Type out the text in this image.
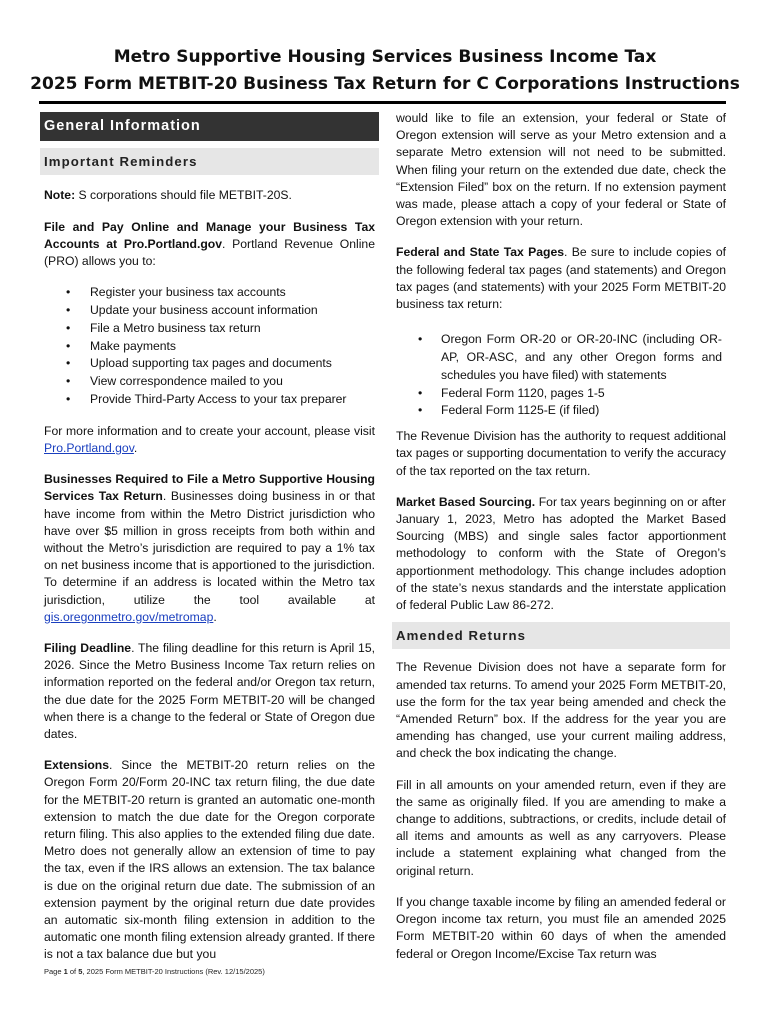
Metro Supportive Housing Services Business Income Tax
2025 Form METBIT-20 Business Tax Return for C Corporations Instructions
General Information
Important Reminders

Note: S corporations should file METBIT-20S.

File and Pay Online and Manage your Business Tax Accounts at Pro.Portland.gov. Portland Revenue Online (PRO) allows you to:

• Register your business tax accounts
• Update your business account information
• File a Metro business tax return
• Make payments
• Upload supporting tax pages and documents
• View correspondence mailed to you
• Provide Third-Party Access to your tax preparer

For more information and to create your account, please visit Pro.Portland.gov.

Businesses Required to File a Metro Supportive Housing Services Tax Return. Businesses doing business in or that have income from within the Metro District jurisdiction who have over $5 million in gross receipts from both within and without the Metro’s jurisdiction are required to pay a 1% tax on net business income that is apportioned to the jurisdiction. To determine if an address is located within the Metro tax jurisdiction, utilize the tool available at gis.oregonmetro.gov/metromap.

Filing Deadline. The filing deadline for this return is April 15, 2026. Since the Metro Business Income Tax return relies on information reported on the federal and/or Oregon tax return, the due date for the 2025 Form METBIT-20 will be changed when there is a change to the federal or State of Oregon due dates.

Extensions. Since the METBIT-20 return relies on the Oregon Form 20/Form 20-INC tax return filing, the due date for the METBIT-20 return is granted an automatic one-month extension to match the due date for the Oregon corporate return filing. This also applies to the extended filing due date. Metro does not generally allow an extension of time to pay the tax, even if the IRS allows an extension. The tax balance is due on the original return due date. The submission of an extension payment by the original return due date provides an automatic six-month filing extension in addition to the automatic one month filing extension already granted. If there is not a tax balance due but you

would like to file an extension, your federal or State of Oregon extension will serve as your Metro extension and a separate Metro extension will not need to be submitted. When filing your return on the extended due date, check the “Extension Filed” box on the return. If no extension payment was made, please attach a copy of your federal or State of Oregon extension with your return.

Federal and State Tax Pages. Be sure to include copies of the following federal tax pages (and statements) and Oregon tax pages (and statements) with your 2025 Form METBIT-20 business tax return:

• Oregon Form OR-20 or OR-20-INC (including OR-AP, OR-ASC, and any other Oregon forms and schedules you have filed) with statements
• Federal Form 1120, pages 1-5
• Federal Form 1125-E (if filed)

The Revenue Division has the authority to request additional tax pages or supporting documentation to verify the accuracy of the tax reported on the tax return.

Market Based Sourcing. For tax years beginning on or after January 1, 2023, Metro has adopted the Market Based Sourcing (MBS) and single sales factor apportionment methodology to conform with the State of Oregon’s apportionment methodology. This change includes adoption of the state’s nexus standards and the interstate application of federal Public Law 86-272.

Amended Returns

The Revenue Division does not have a separate form for amended tax returns. To amend your 2025 Form METBIT-20, use the form for the tax year being amended and check the “Amended Return” box. If the address for the year you are amending has changed, use your current mailing address, and check the box indicating the change.

Fill in all amounts on your amended return, even if they are the same as originally filed. If you are amending to make a change to additions, subtractions, or credits, include detail of all items and amounts as well as any carryovers. Please include a statement explaining what changed from the original return.

If you change taxable income by filing an amended federal or Oregon income tax return, you must file an amended 2025 Form METBIT-20 within 60 days of when the amended federal or Oregon Income/Excise Tax return was

Page 1 of 5, 2025 Form METBIT-20 Instructions (Rev. 12/15/2025)
